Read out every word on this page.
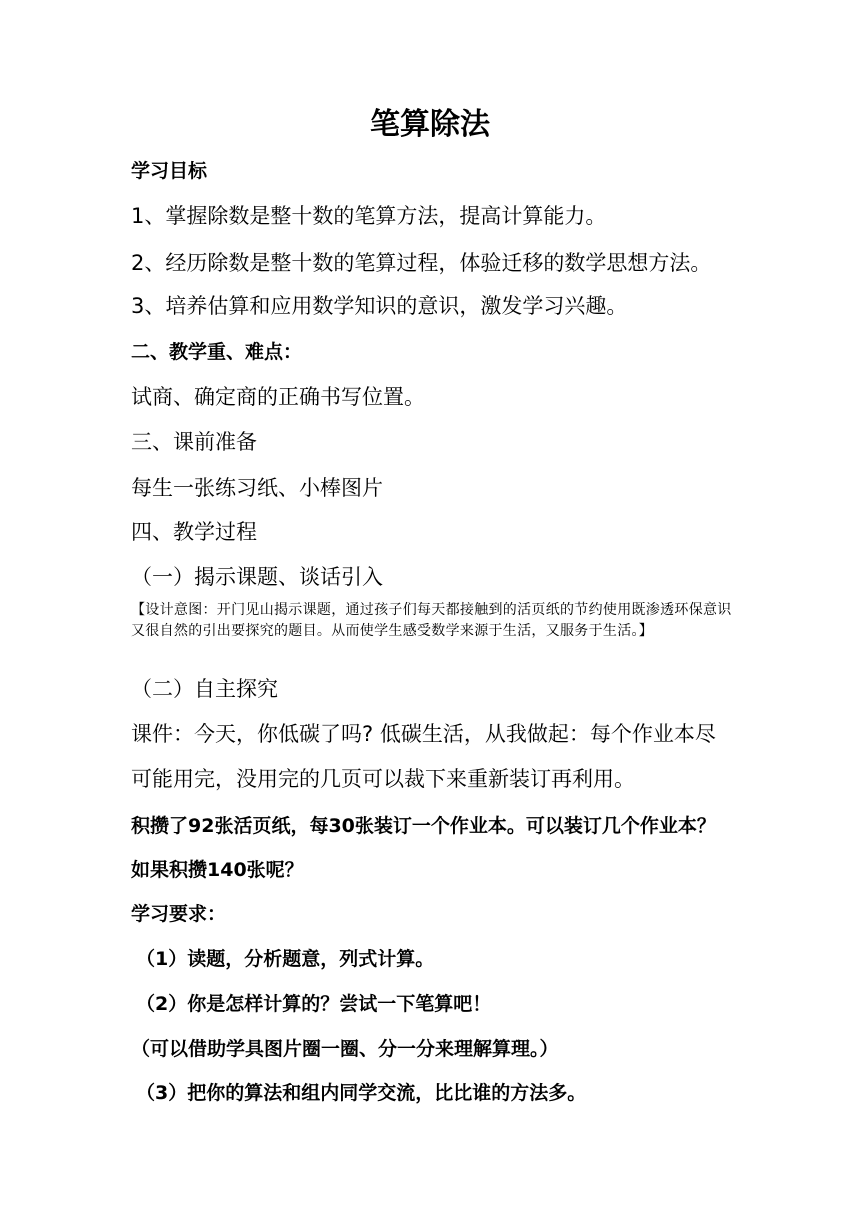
笔算除法
学习目标
1、掌握除数是整十数的笔算方法，提高计算能力。
2、经历除数是整十数的笔算过程，体验迁移的数学思想方法。
3、培养估算和应用数学知识的意识，激发学习兴趣。
二、教学重、难点：
试商、确定商的正确书写位置。
三、课前准备
每生一张练习纸、小棒图片
四、教学过程
（一）揭示课题、谈话引入
【设计意图：开门见山揭示课题，通过孩子们每天都接触到的活页纸的节约使用既渗透环保意识又很自然的引出要探究的题目。从而使学生感受数学来源于生活，又服务于生活。】
（二）自主探究
课件：今天，你低碳了吗? 低碳生活，从我做起：每个作业本尽
可能用完，没用完的几页可以裁下来重新装订再利用。
积攒了92张活页纸，每30张装订一个作业本。可以装订几个作业本？
如果积攒140张呢？
学习要求：
（1）读题，分析题意，列式计算。
（2）你是怎样计算的？尝试一下笔算吧！
（可以借助学具图片圈一圈、分一分来理解算理。）
（3）把你的算法和组内同学交流，比比谁的方法多。
